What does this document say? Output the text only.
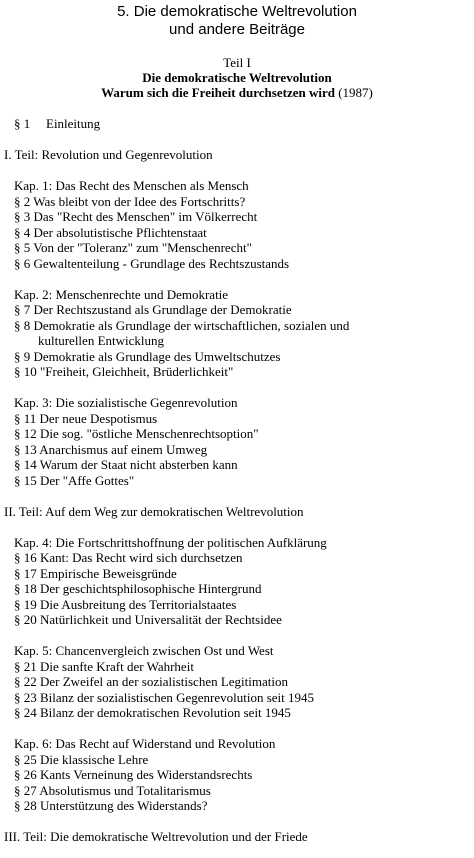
5. Die demokratische Weltrevolution
und andere Beiträge
Teil I
Die demokratische Weltrevolution
Warum sich die Freiheit durchsetzen wird (1987)
§ 1 Einleitung
I. Teil: Revolution und Gegenrevolution
Kap. 1: Das Recht des Menschen als Mensch
§ 2 Was bleibt von der Idee des Fortschritts?
§ 3 Das "Recht des Menschen" im Völkerrecht
§ 4 Der absolutistische Pflichtenstaat
§ 5 Von der "Toleranz" zum "Menschenrecht"
§ 6 Gewaltenteilung - Grundlage des Rechtszustands
Kap. 2: Menschenrechte und Demokratie
§ 7 Der Rechtszustand als Grundlage der Demokratie
§ 8 Demokratie als Grundlage der wirtschaftlichen, sozialen und
kulturellen Entwicklung
§ 9 Demokratie als Grundlage des Umweltschutzes
§ 10 "Freiheit, Gleichheit, Brüderlichkeit"
Kap. 3: Die sozialistische Gegenrevolution
§ 11 Der neue Despotismus
§ 12 Die sog. "östliche Menschenrechtsoption"
§ 13 Anarchismus auf einem Umweg
§ 14 Warum der Staat nicht absterben kann
§ 15 Der "Affe Gottes"
II. Teil: Auf dem Weg zur demokratischen Weltrevolution
Kap. 4: Die Fortschrittshoffnung der politischen Aufklärung
§ 16 Kant: Das Recht wird sich durchsetzen
§ 17 Empirische Beweisgründe
§ 18 Der geschichtsphilosophische Hintergrund
§ 19 Die Ausbreitung des Territorialstaates
§ 20 Natürlichkeit und Universalität der Rechtsidee
Kap. 5: Chancenvergleich zwischen Ost und West
§ 21 Die sanfte Kraft der Wahrheit
§ 22 Der Zweifel an der sozialistischen Legitimation
§ 23 Bilanz der sozialistischen Gegenrevolution seit 1945
§ 24 Bilanz der demokratischen Revolution seit 1945
Kap. 6: Das Recht auf Widerstand und Revolution
§ 25 Die klassische Lehre
§ 26 Kants Verneinung des Widerstandsrechts
§ 27 Absolutismus und Totalitarismus
§ 28 Unterstützung des Widerstands?
III. Teil: Die demokratische Weltrevolution und der Friede
